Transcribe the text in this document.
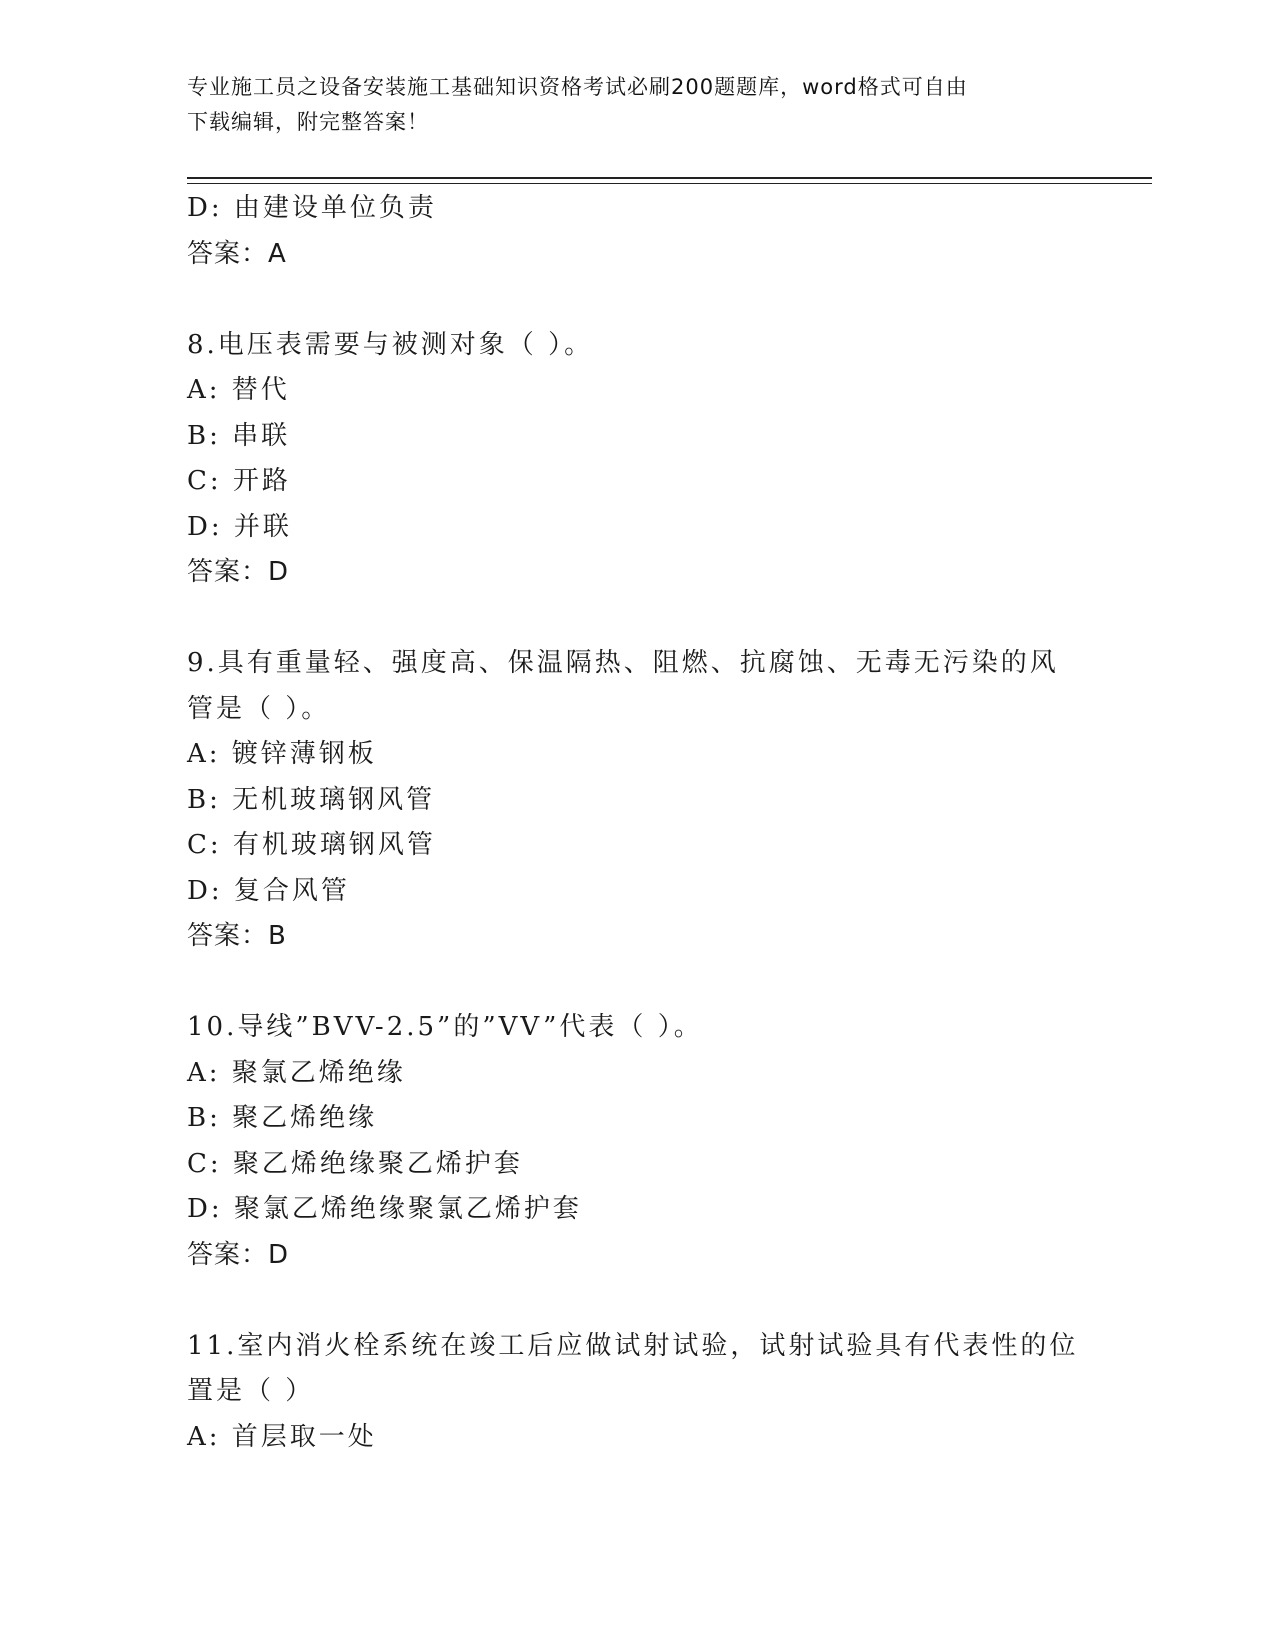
专业施工员之设备安装施工基础知识资格考试必刷200题题库，word格式可自由
下载编辑，附完整答案！
D: 由建设单位负责
答案：A
8.电压表需要与被测对象（ ）。
A: 替代
B: 串联
C: 开路
D: 并联
答案：D
9.具有重量轻、强度高、保温隔热、阻燃、抗腐蚀、无毒无污染的风
管是（ ）。
A: 镀锌薄钢板
B: 无机玻璃钢风管
C: 有机玻璃钢风管
D: 复合风管
答案：B
10.导线”BVV-2.5”的”VV”代表（ ）。
A: 聚氯乙烯绝缘
B: 聚乙烯绝缘
C: 聚乙烯绝缘聚乙烯护套
D: 聚氯乙烯绝缘聚氯乙烯护套
答案：D
11.室内消火栓系统在竣工后应做试射试验，试射试验具有代表性的位
置是（ ）
A: 首层取一处
